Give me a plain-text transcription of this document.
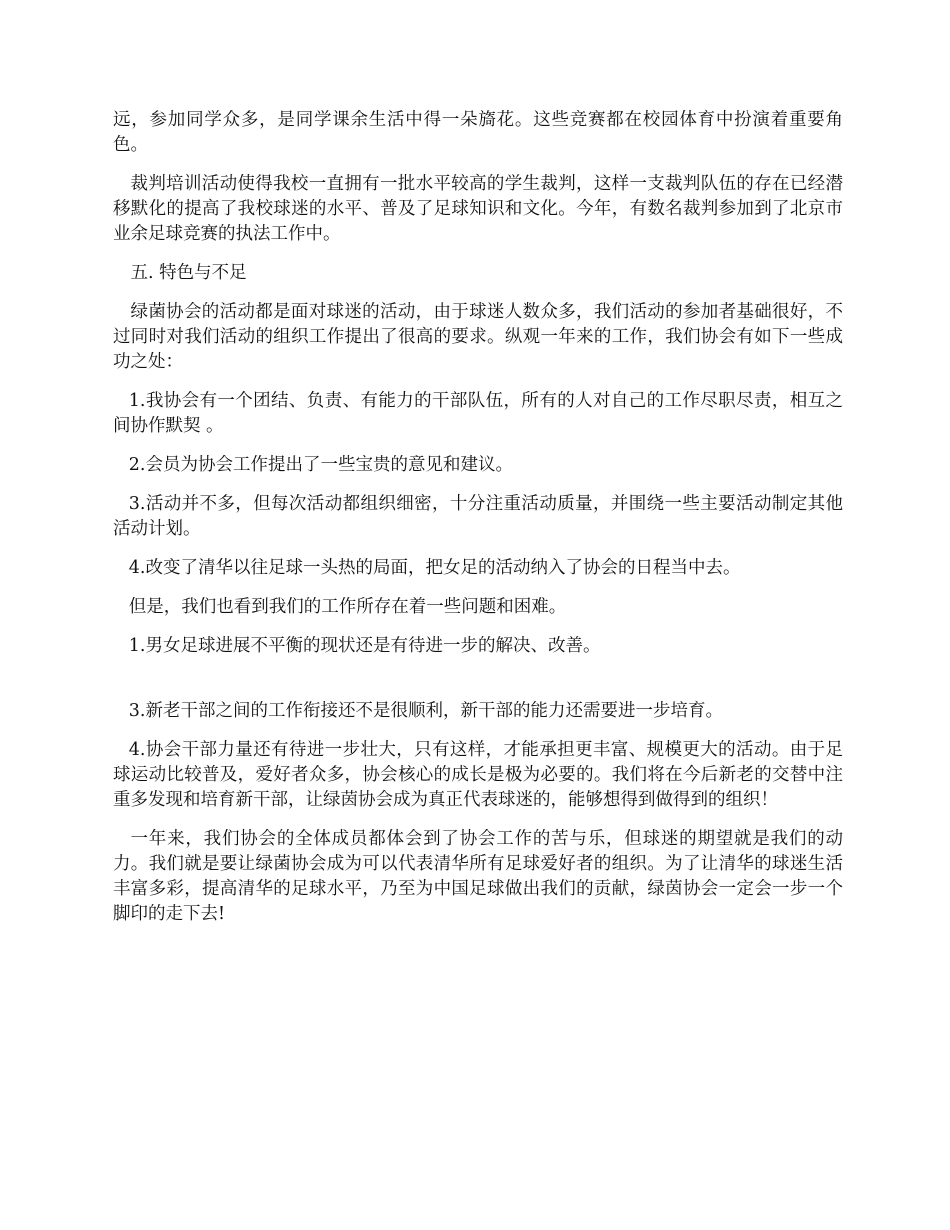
远，参加同学众多，是同学课余生活中得一朵旖花。这些竞赛都在校园体育中扮演着重要角色。

裁判培训活动使得我校一直拥有一批水平较高的学生裁判，这样一支裁判队伍的存在已经潜移默化的提高了我校球迷的水平、普及了足球知识和文化。今年，有数名裁判参加到了北京市业余足球竞赛的执法工作中。

五. 特色与不足

绿菌协会的活动都是面对球迷的活动，由于球迷人数众多，我们活动的参加者基础很好，不过同时对我们活动的组织工作提出了很高的要求。纵观一年来的工作，我们协会有如下一些成功之处：

1.我协会有一个团结、负责、有能力的干部队伍，所有的人对自己的工作尽职尽责，相互之间协作默契 。

2.会员为协会工作提出了一些宝贵的意见和建议。

3.活动并不多，但每次活动都组织细密，十分注重活动质量，并围绕一些主要活动制定其他活动计划。

4.改变了清华以往足球一头热的局面，把女足的活动纳入了协会的日程当中去。

但是，我们也看到我们的工作所存在着一些问题和困难。

1.男女足球进展不平衡的现状还是有待进一步的解决、改善。

3.新老干部之间的工作衔接还不是很顺利，新干部的能力还需要进一步培育。

4.协会干部力量还有待进一步壮大，只有这样，才能承担更丰富、规模更大的活动。由于足球运动比较普及，爱好者众多，协会核心的成长是极为必要的。我们将在今后新老的交替中注重多发现和培育新干部，让绿茵协会成为真正代表球迷的，能够想得到做得到的组织！

一年来，我们协会的全体成员都体会到了协会工作的苦与乐，但球迷的期望就是我们的动力。我们就是要让绿菌协会成为可以代表清华所有足球爱好者的组织。为了让清华的球迷生活丰富多彩，提高清华的足球水平，乃至为中国足球做出我们的贡献，绿茵协会一定会一步一个脚印的走下去!
